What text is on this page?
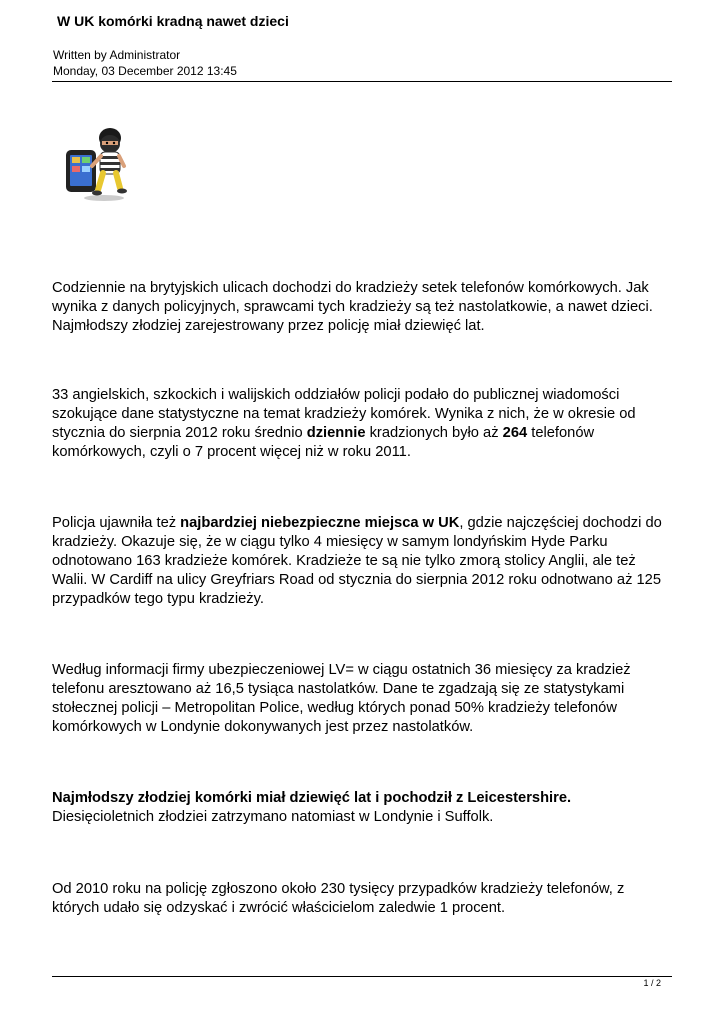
W UK komórki kradną nawet dzieci
Written by Administrator
Monday, 03 December 2012 13:45

Codziennie na brytyjskich ulicach dochodzi do kradzieży setek telefonów komórkowych. Jak wynika z danych policyjnych, sprawcami tych kradzieży są też nastolatkowie, a nawet dzieci. Najmłodszy złodziej zarejestrowany przez policję miał dziewięć lat.

33 angielskich, szkockich i walijskich oddziałów policji podało do publicznej wiadomości szokujące dane statystyczne na temat kradzieży komórek. Wynika z nich, że w okresie od stycznia do sierpnia 2012 roku średnio dziennie kradzionych było aż 264 telefonów komórkowych, czyli o 7 procent więcej niż w roku 2011.

Policja ujawniła też najbardziej niebezpieczne miejsca w UK, gdzie najczęściej dochodzi do kradzieży. Okazuje się, że w ciągu tylko 4 miesięcy w samym londyńskim Hyde Parku odnotowano 163 kradzieże komórek. Kradzieże te są nie tylko zmorą stolicy Anglii, ale też Walii. W Cardiff na ulicy Greyfriars Road od stycznia do sierpnia 2012 roku odnotwano aż 125 przypadków tego typu kradzieży.

Według informacji firmy ubezpieczeniowej LV= w ciągu ostatnich 36 miesięcy za kradzież telefonu aresztowano aż 16,5 tysiąca nastolatków. Dane te zgadzają się ze statystykami stołecznej policji – Metropolitan Police, według których ponad 50% kradzieży telefonów komórkowych w Londynie dokonywanych jest przez nastolatków.

Najmłodszy złodziej komórki miał dziewięć lat i pochodził z Leicestershire.
Diesięcioletnich złodziei zatrzymano natomiast w Londynie i Suffolk.

Od 2010 roku na policję zgłoszono około 230 tysięcy przypadków kradzieży telefonów, z których udało się odzyskać i zwrócić właścicielom zaledwie 1 procent.

1 / 2
